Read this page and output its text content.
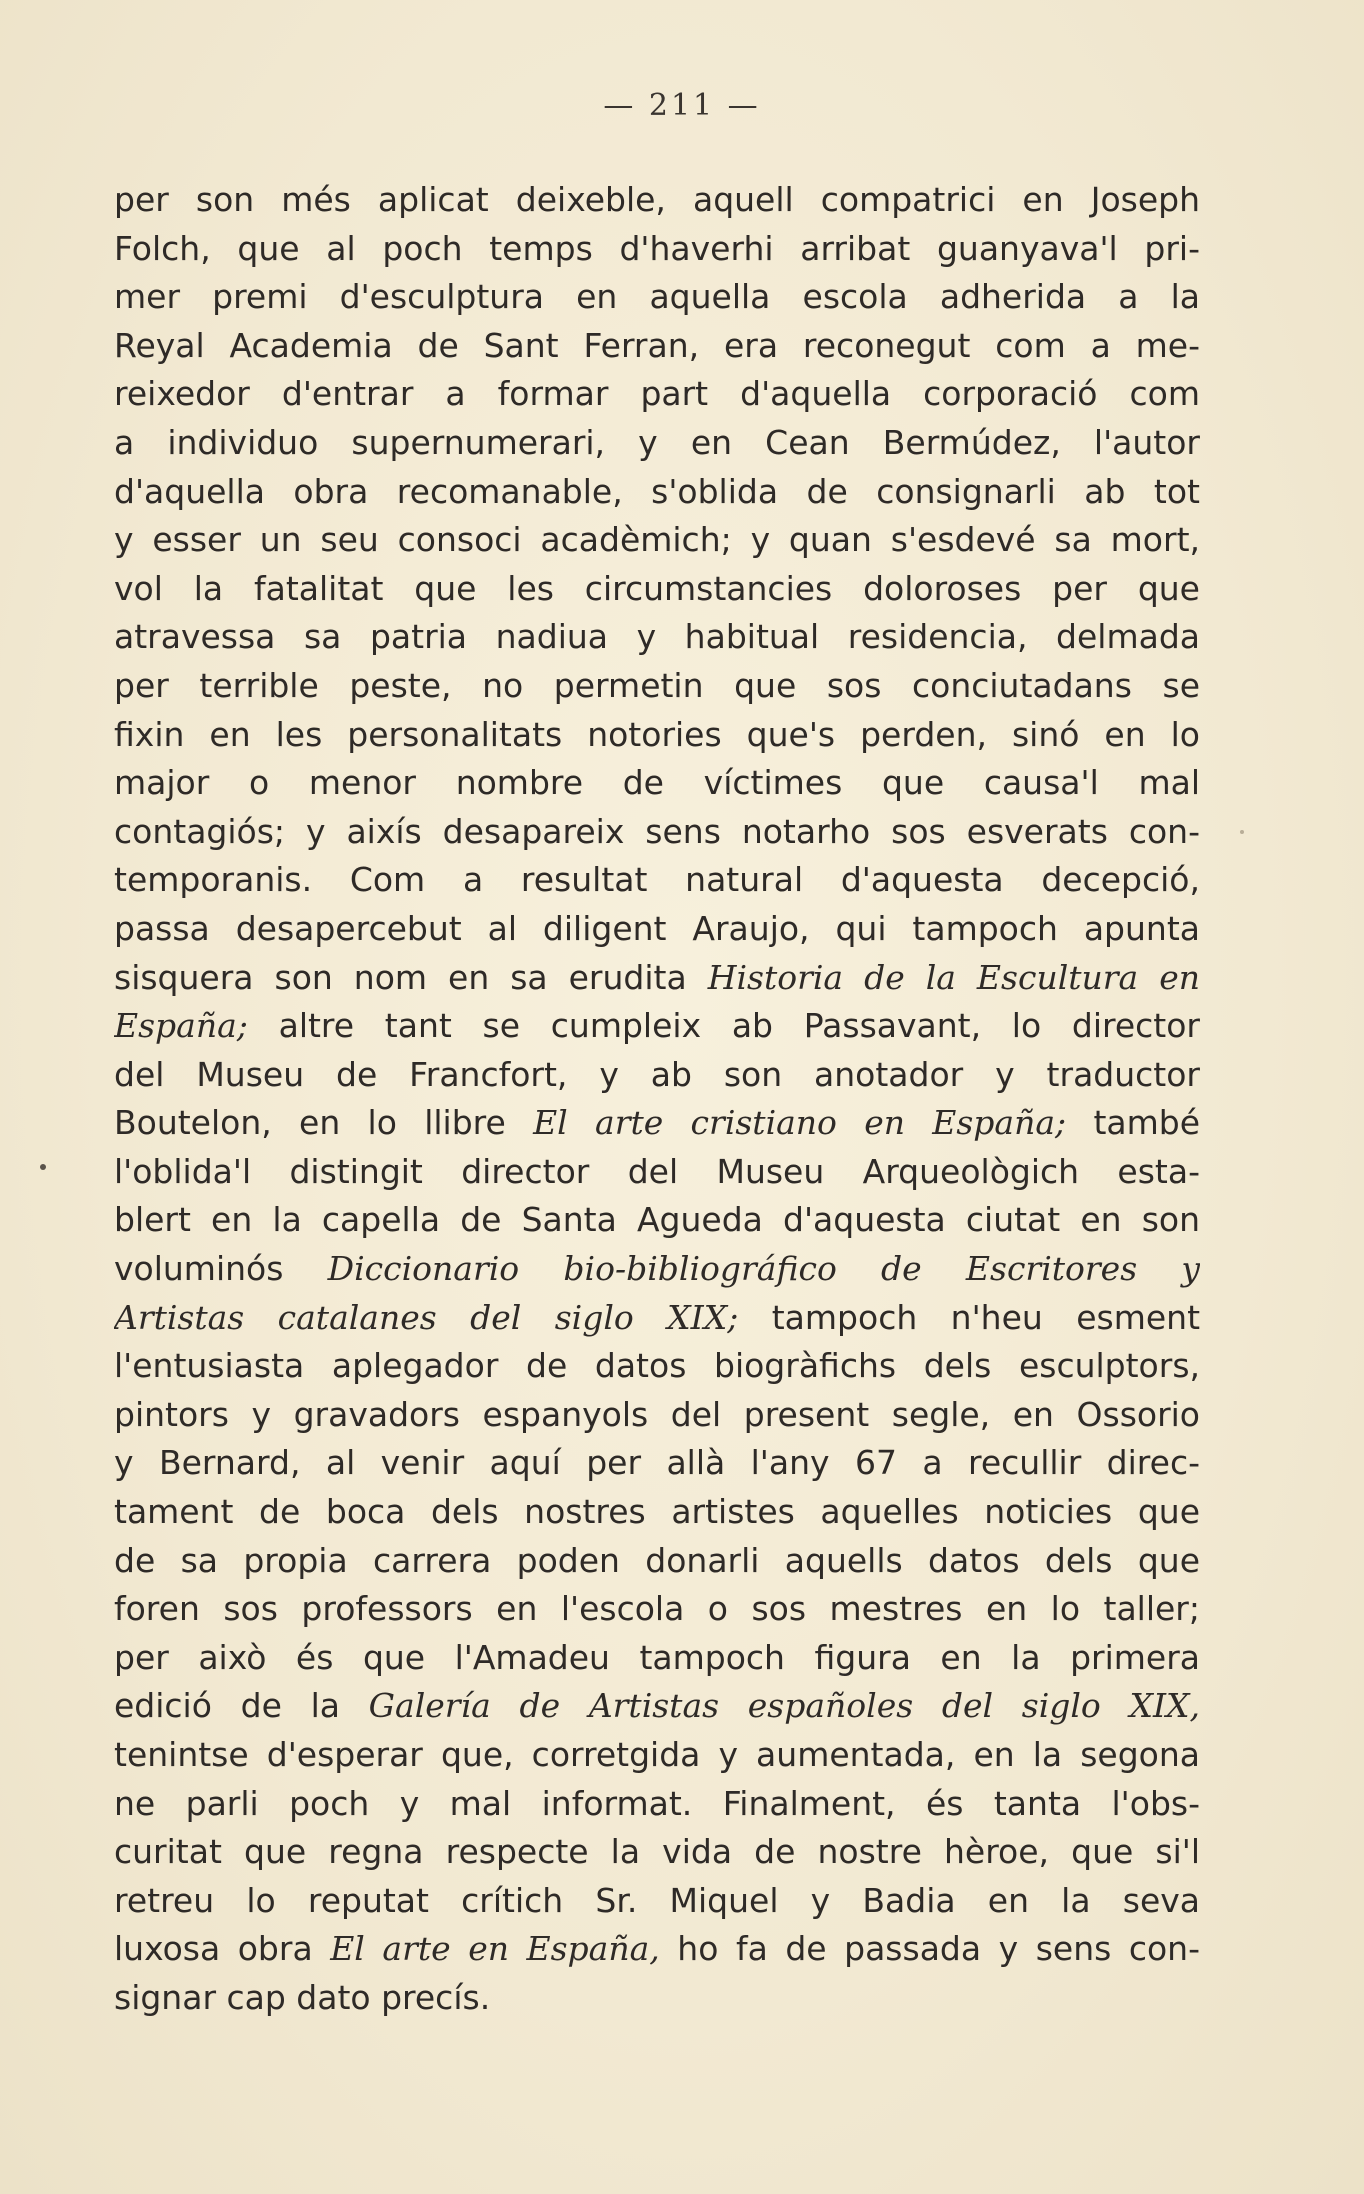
— 211 —
per son més aplicat deixeble, aquell compatrici en Joseph
Folch, que al poch temps d'haverhi arribat guanyava'l pri-
mer premi d'esculptura en aquella escola adherida a la
Reyal Academia de Sant Ferran, era reconegut com a me-
reixedor d'entrar a formar part d'aquella corporació com
a individuo supernumerari, y en Cean Bermúdez, l'autor
d'aquella obra recomanable, s'oblida de consignarli ab tot
y esser un seu consoci acadèmich; y quan s'esdevé sa mort,
vol la fatalitat que les circumstancies doloroses per que
atravessa sa patria nadiua y habitual residencia, delmada
per terrible peste, no permetin que sos conciutadans se
fixin en les personalitats notories que's perden, sinó en lo
major o menor nombre de víctimes que causa'l mal
contagiós; y aixís desapareix sens notarho sos esverats con-
temporanis. Com a resultat natural d'aquesta decepció,
passa desapercebut al diligent Araujo, qui tampoch apunta
sisquera son nom en sa erudita Historia de la Escultura en
España; altre tant se cumpleix ab Passavant, lo director
del Museu de Francfort, y ab son anotador y traductor
Boutelon, en lo llibre El arte cristiano en España; també
l'oblida'l distingit director del Museu Arqueològich esta-
blert en la capella de Santa Agueda d'aquesta ciutat en son
voluminós Diccionario bio-bibliográfico de Escritores y
Artistas catalanes del siglo XIX; tampoch n'heu esment
l'entusiasta aplegador de datos biogràfichs dels esculptors,
pintors y gravadors espanyols del present segle, en Ossorio
y Bernard, al venir aquí per allà l'any 67 a recullir direc-
tament de boca dels nostres artistes aquelles noticies que
de sa propia carrera poden donarli aquells datos dels que
foren sos professors en l'escola o sos mestres en lo taller;
per això és que l'Amadeu tampoch figura en la primera
edició de la Galería de Artistas españoles del siglo XIX,
tenintse d'esperar que, corretgida y aumentada, en la segona
ne parli poch y mal informat. Finalment, és tanta l'obs-
curitat que regna respecte la vida de nostre hèroe, que si'l
retreu lo reputat crítich Sr. Miquel y Badia en la seva
luxosa obra El arte en España, ho fa de passada y sens con-
signar cap dato precís.
